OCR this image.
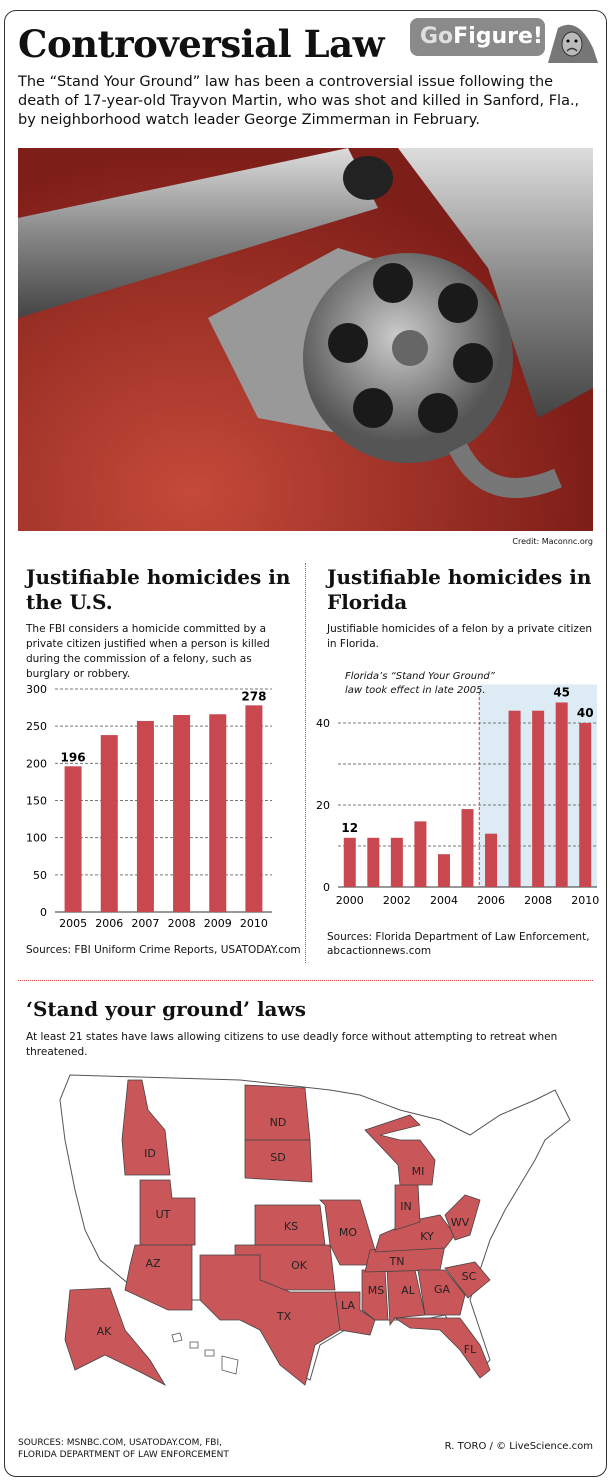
Controversial Law	GoFigure!
The “Stand Your Ground” law has been a controversial issue following the death of 17-year-old Trayvon Martin, who was shot and killed in Sanford, Fla., by neighborhood watch leader George Zimmerman in February.
Credit: Maconnc.org
Justifiable homicides in the U.S.
The FBI considers a homicide committed by a private citizen justified when a person is killed during the commission of a felony, such as burglary or robbery.
0
50
100
150
200
250
300
2005
196
2006 2007 2008 2009 2010
278
Sources: FBI Uniform Crime Reports, USATODAY.com
Justifiable homicides in Florida
Justifiable homicides of a felon by a private citizen in Florida.
0
20
40
2000
12
2002 2004 2006 2008
45
2010
40
Sources: Florida Department of Law Enforcement,
abcactionnews.com
‘Stand your ground’ laws
At least 21 states have laws allowing citizens to use deadly force without attempting to retreat when threatened.
ND
SD
ID
UT
AZ
KS	MO
OK
TX
LA
MS AL
TN
KY
IN
MI
WV
GA
SC
FL
AK
SOURCES: MSNBC.COM, USATODAY.COM, FBI,
FLORIDA DEPARTMENT OF LAW ENFORCEMENT
R. TORO / © LiveScience.com
Florida’s “Stand Your Ground”
law took effect in late 2005.
